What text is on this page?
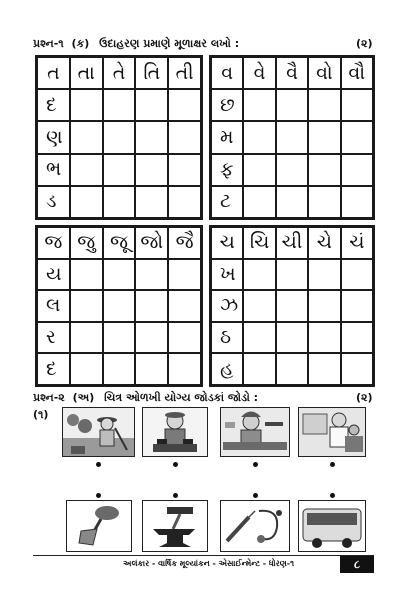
પ્રશ્ન-૧ (ક) ઉદાહરણ પ્રમાણે મૂળાક્ષર લખો :	(૨)
ત તા તે તિ તી
દ
ણ
ભ
ડ
વ	વે	વૈ વો વૌ
છ
મ
ફ
ટ
જ જુ જૂ જો જૈ
ય
લ
ર
દ
ચ ચિ ચી ચે ચં
ખ
ઝ
ઠ
હ
પ્રશ્ન-૨ (અ) ચિત્ર ઓળખી યોગ્ય જોડકાં જોડો :	(૨)
(૧)
અલંકાર - વાર્ષિક મૂલ્યાંકન - એસાઈન્મેન્ટ - ધોરણ-૧	૮
